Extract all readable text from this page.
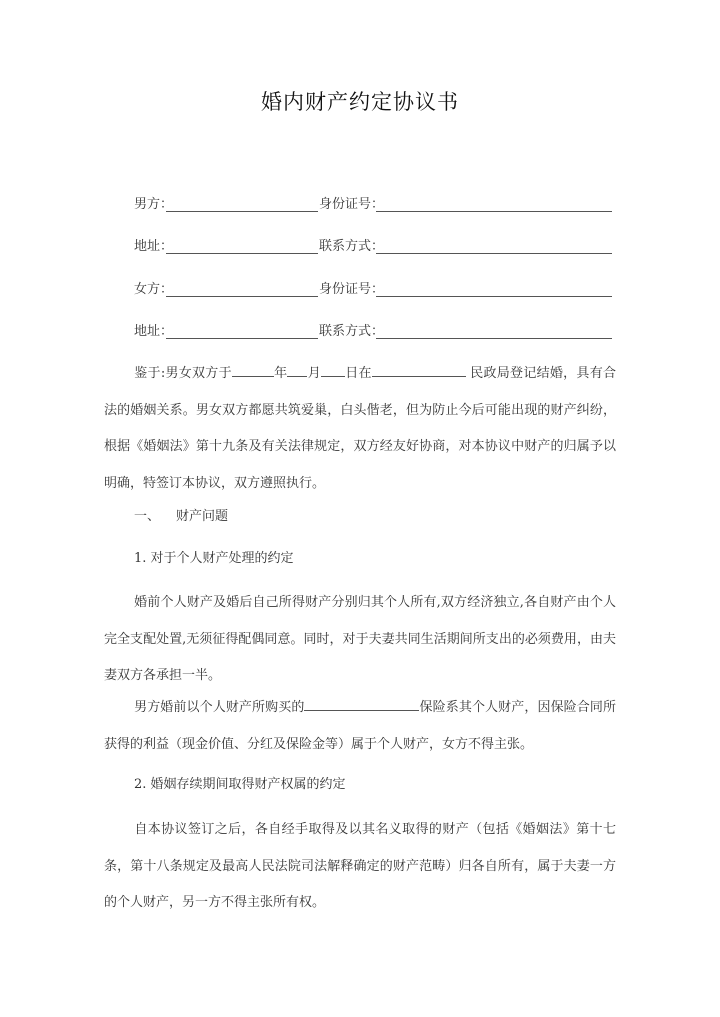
婚内财产约定协议书
男方：	身份证号：
地址：	联系方式：
女方：	身份证号：
地址：	联系方式：
鉴于:男女双方于	年 月 日在	民政局登记结婚，具有合法的婚姻关系。男女双方都愿共筑爱巢，白头偕老，但为防止今后可能出现的财产纠纷，根据《婚姻法》第十九条及有关法律规定，双方经友好协商，对本协议中财产的归属予以明确，特签订本协议，双方遵照执行。
一、 财产问题
1. 对于个人财产处理的约定
婚前个人财产及婚后自己所得财产分别归其个人所有,双方经济独立,各自财产由个人完全支配处置,无须征得配偶同意。同时，对于夫妻共同生活期间所支出的必须费用，由夫妻双方各承担一半。
男方婚前以个人财产所购买的	保险系其个人财产，因保险合同所获得的利益（现金价值、分红及保险金等）属于个人财产，女方不得主张。
2. 婚姻存续期间取得财产权属的约定
自本协议签订之后，各自经手取得及以其名义取得的财产（包括《婚姻法》第十七条，第十八条规定及最高人民法院司法解释确定的财产范畴）归各自所有，属于夫妻一方的个人财产，另一方不得主张所有权。
